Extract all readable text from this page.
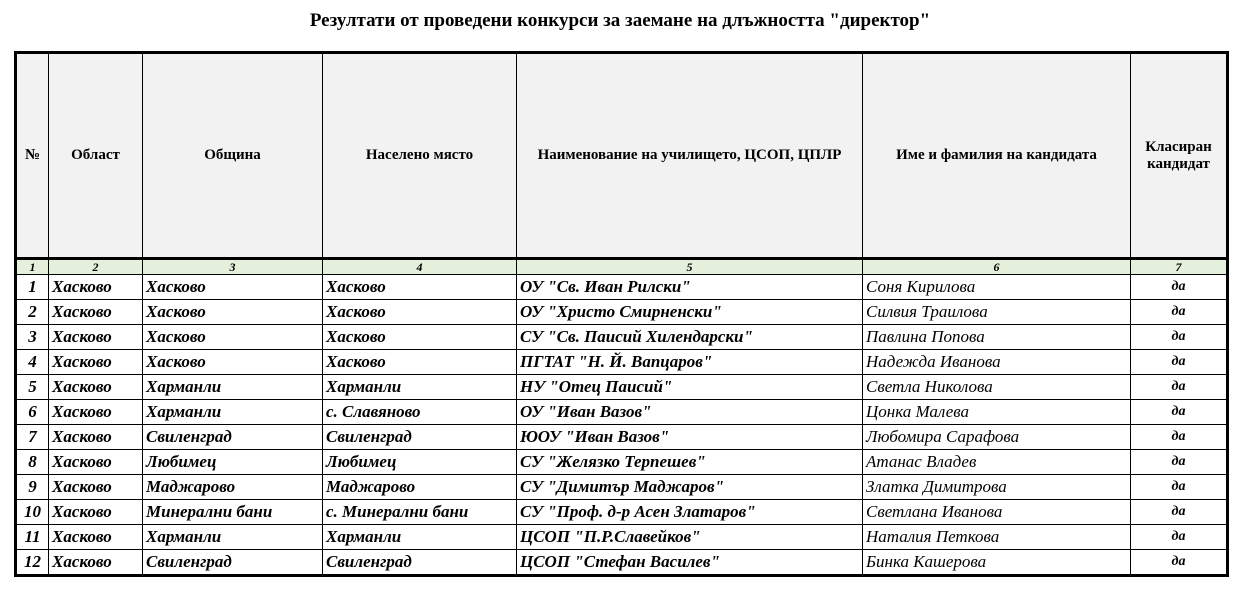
Резултати от проведени конкурси за заемане на длъжността "директор"
№	Област	Община	Населено място	Наименование на училището, ЦСОП, ЦПЛР	Име и фамилия на кандидата	Класиран кандидат
1	2	3	4	5	6	7
1	Хасково	Хасково	Хасково	ОУ "Св. Иван Рилски"	Соня Кирилова	да
2	Хасково	Хасково	Хасково	ОУ "Христо Смирненски"	Силвия Траилова	да
3	Хасково	Хасково	Хасково	СУ "Св. Паисий Хилендарски"	Павлина Попова	да
4	Хасково	Хасково	Хасково	ПГТАТ "Н. Й. Вапцаров"	Надежда Иванова	да
5	Хасково	Харманли	Харманли	НУ "Отец Паисий"	Светла Николова	да
6	Хасково	Харманли	с. Славяново	ОУ "Иван Вазов"	Цонка Малева	да
7	Хасково	Свиленград	Свиленград	ЮОУ "Иван Вазов"	Любомира Сарафова	да
8	Хасково	Любимец	Любимец	СУ "Желязко Терпешев"	Атанас Владев	да
9	Хасково	Маджарово	Маджарово	СУ "Димитър Маджаров"	Златка Димитрова	да
10	Хасково	Минерални бани	с. Минерални бани	СУ "Проф. д-р Асен Златаров"	Светлана Иванова	да
11	Хасково	Харманли	Харманли	ЦСОП "П.Р.Славейков"	Наталия Петкова	да
12	Хасково	Свиленград	Свиленград	ЦСОП "Стефан Василев"	Бинка Кашерова	да
